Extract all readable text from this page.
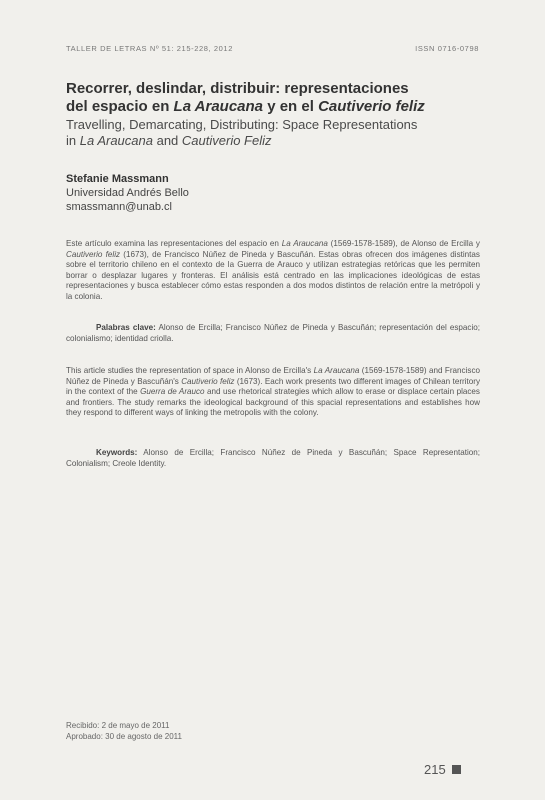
TALLER DE LETRAS Nº 51: 215-228, 2012	ISSN 0716-0798
Recorrer, deslindar, distribuir: representaciones
del espacio en La Araucana y en el Cautiverio feliz
Travelling, Demarcating, Distributing: Space Representations
in La Araucana and Cautiverio Feliz
Stefanie Massmann
Universidad Andrés Bello
smassmann@unab.cl
Este artículo examina las representaciones del espacio en La Araucana (1569-1578-1589), de Alonso de Ercilla y Cautiverio feliz (1673), de Francisco Núñez de Pineda y Bascuñán. Estas obras ofrecen dos imágenes distintas sobre el territorio chileno en el contexto de la Guerra de Arauco y utilizan estrategias retóricas que les permiten borrar o desplazar lugares y fronteras. El análisis está centrado en las implicaciones ideológicas de estas representaciones y busca establecer cómo estas responden a dos modos distintos de relación entre la metrópoli y la colonia.
Palabras clave: Alonso de Ercilla; Francisco Núñez de Pineda y Bascuñán; representación del espacio; colonialismo; identidad criolla.
This article studies the representation of space in Alonso de Ercilla's La Araucana (1569-1578-1589) and Francisco Núñez de Pineda y Bascuñán's Cautiverio feliz (1673). Each work presents two different images of Chilean territory in the context of the Guerra de Arauco and use rhetorical strategies which allow to erase or displace certain places and frontiers. The study remarks the ideological background of this spacial representations and establishes how they respond to different ways of linking the metropolis with the colony.
Keywords: Alonso de Ercilla; Francisco Núñez de Pineda y Bascuñán; Space Representation; Colonialism; Creole Identity.
Recibido: 2 de mayo de 2011
Aprobado: 30 de agosto de 2011
215
